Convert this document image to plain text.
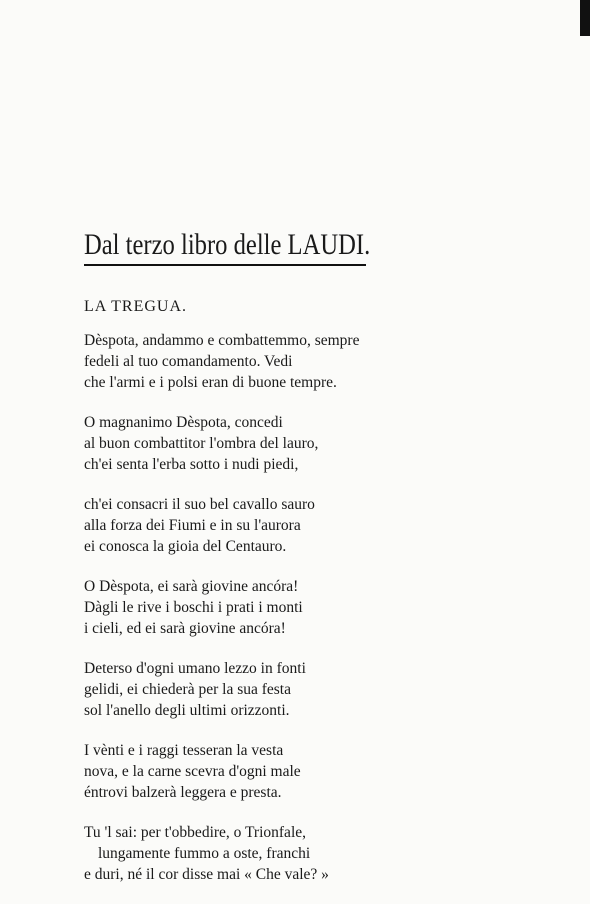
Dal terzo libro delle LAUDI.
LA TREGUA.

Dèspota, andammo e combattemmo, sempre
fedeli al tuo comandamento. Vedi
che l'armi e i polsi eran di buone tempre.

O magnanimo Dèspota, concedi
al buon combattitor l'ombra del lauro,
ch'ei senta l'erba sotto i nudi piedi,

ch'ei consacri il suo bel cavallo sauro
alla forza dei Fiumi e in su l'aurora
ei conosca la gioia del Centauro.

O Dèspota, ei sarà giovine ancóra!
Dàgli le rive i boschi i prati i monti
i cieli, ed ei sarà giovine ancóra!

Deterso d'ogni umano lezzo in fonti
gelidi, ei chiederà per la sua festa
sol l'anello degli ultimi orizzonti.

I vènti e i raggi tesseran la vesta
nova, e la carne scevra d'ogni male
éntrovi balzerà leggera e presta.

Tu 'l sai: per t'obbedire, o Trionfale,
lungamente fummo a oste, franchi
e duri, né il cor disse mai « Che vale? »
